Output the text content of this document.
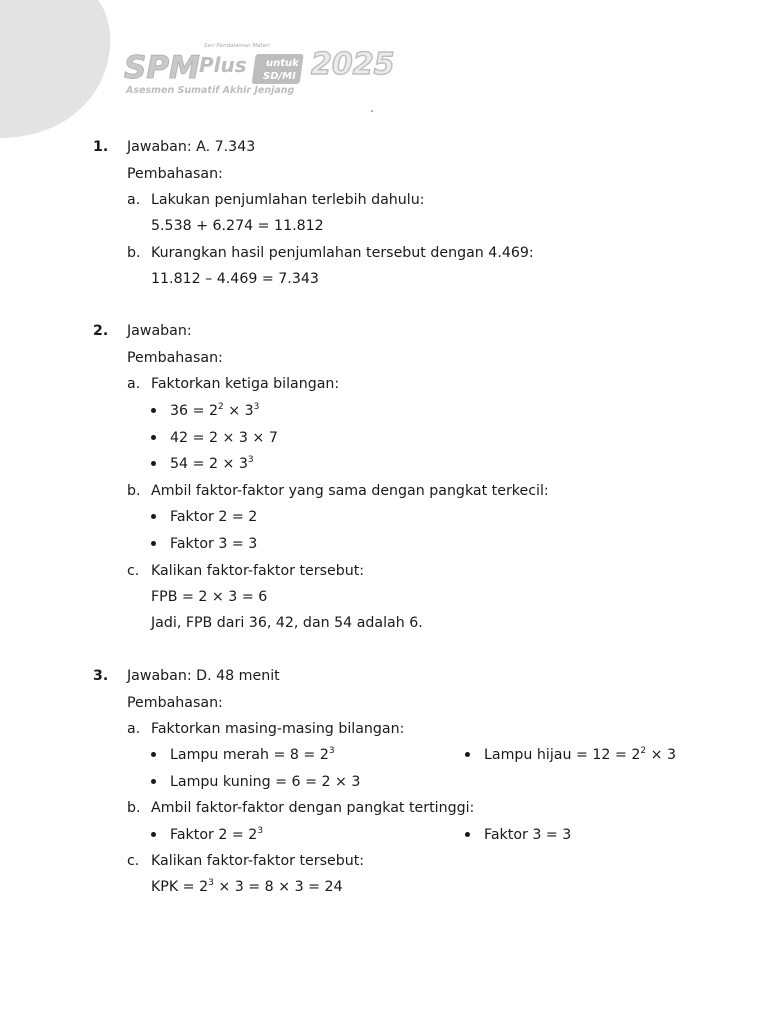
Seri Pendalaman Materi
SPM Plus untuk
SD/MI 2025
Asesmen Sumatif Akhir Jenjang
1. Jawaban: A. 7.343
Pembahasan:
a. Lakukan penjumlahan terlebih dahulu:
5.538 + 6.274 = 11.812
b. Kurangkan hasil penjumlahan tersebut dengan 4.469:
11.812 – 4.469 = 7.343
2. Jawaban:
Pembahasan:
a. Faktorkan ketiga bilangan:
$36 = 2^2 \times 3^3$
42 = 2 × 3 × 7
$54 = 2 \times 3^3$
b. Ambil faktor-faktor yang sama dengan pangkat terkecil:
Faktor 2 = 2
Faktor 3 = 3
c. Kalikan faktor-faktor tersebut:
FPB = 2 × 3 = 6
Jadi, FPB dari 36, 42, dan 54 adalah 6.
3. Jawaban: D. 48 menit
Pembahasan:
a. Faktorkan masing-masing bilangan:
Lampu merah = $8 = 2^3$	Lampu hijau = $12 = 2^2 \times 3$
Lampu kuning = 6 = 2 × 3
b. Ambil faktor-faktor dengan pangkat tertinggi:
Faktor $2 = 2^3$	Faktor 3 = 3
c. Kalikan faktor-faktor tersebut:
KPK = $2^3 \times 3 = 8 \times 3 = 24$
